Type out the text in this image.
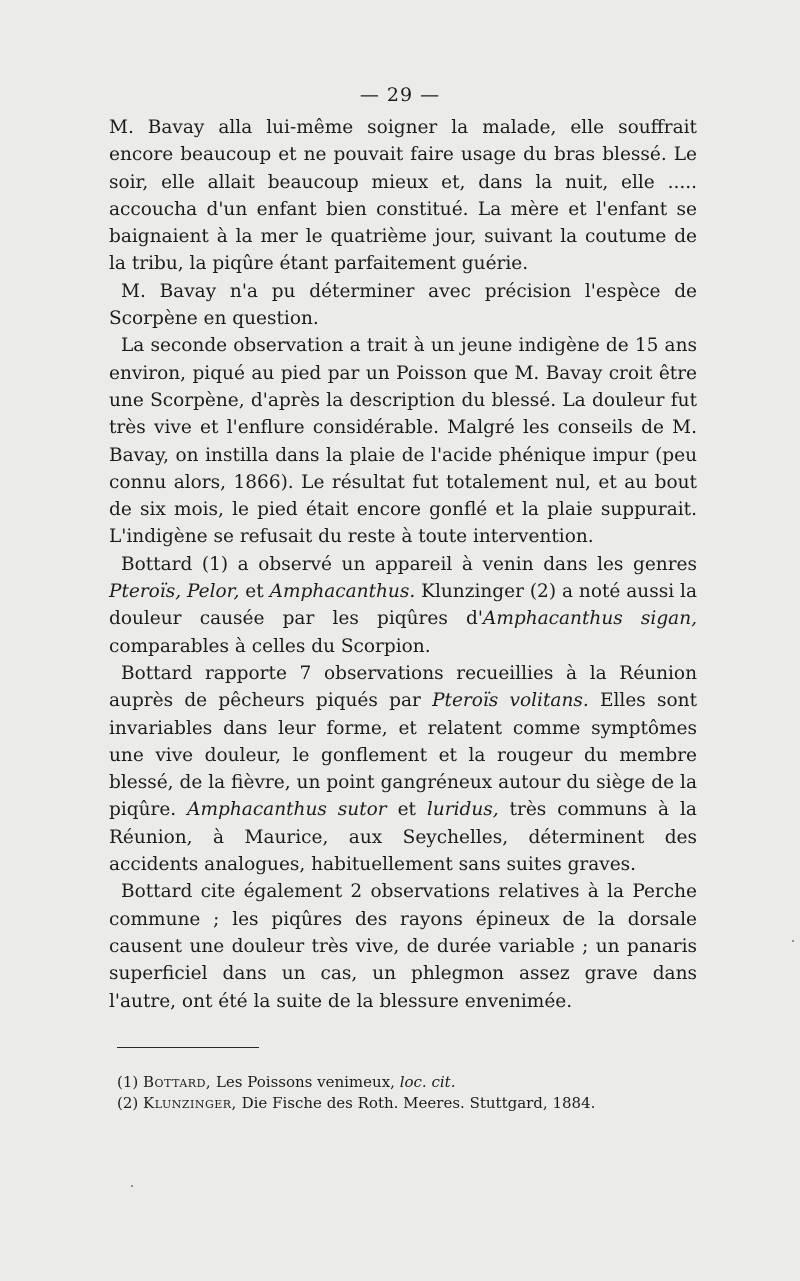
— 29 —

M. Bavay alla lui-même soigner la malade, elle souffrait encore beaucoup et ne pouvait faire usage du bras blessé. Le soir, elle allait beaucoup mieux et, dans la nuit, elle ..... accoucha d'un enfant bien constitué. La mère et l'enfant se baignaient à la mer le quatrième jour, suivant la coutume de la tribu, la piqûre étant parfaitement guérie.

M. Bavay n'a pu déterminer avec précision l'espèce de Scorpène en question.

La seconde observation a trait à un jeune indigène de 15 ans environ, piqué au pied par un Poisson que M. Bavay croit être une Scorpène, d'après la description du blessé. La douleur fut très vive et l'enflure considérable. Malgré les conseils de M. Bavay, on instilla dans la plaie de l'acide phénique impur (peu connu alors, 1866). Le résultat fut totalement nul, et au bout de six mois, le pied était encore gonflé et la plaie suppurait. L'indigène se refusait du reste à toute intervention.

Bottard (1) a observé un appareil à venin dans les genres Pteroïs, Pelor, et Amphacanthus. Klunzinger (2) a noté aussi la douleur causée par les piqûres d'Amphacanthus sigan, comparables à celles du Scorpion.

Bottard rapporte 7 observations recueillies à la Réunion auprès de pêcheurs piqués par Pteroïs volitans. Elles sont invariables dans leur forme, et relatent comme symptômes une vive douleur, le gonflement et la rougeur du membre blessé, de la fièvre, un point gangréneux autour du siège de la piqûre. Amphacanthus sutor et luridus, très communs à la Réunion, à Maurice, aux Seychelles, déterminent des accidents analogues, habituellement sans suites graves.

Bottard cite également 2 observations relatives à la Perche commune ; les piqûres des rayons épineux de la dorsale causent une douleur très vive, de durée variable ; un panaris superficiel dans un cas, un phlegmon assez grave dans l'autre, ont été la suite de la blessure envenimée.

(1) Bottard, Les Poissons venimeux, loc. cit.

(2) Klunzinger, Die Fische des Roth. Meeres. Stuttgard, 1884.
